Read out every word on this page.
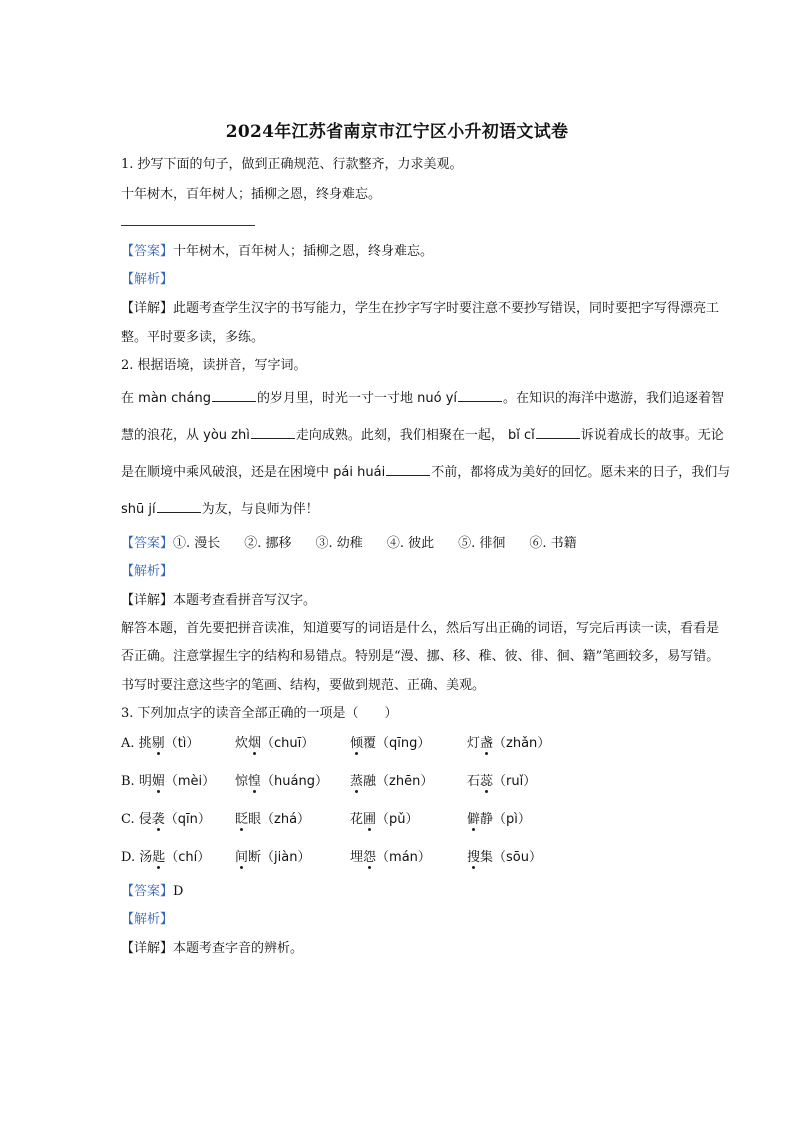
2024年江苏省南京市江宁区小升初语文试卷
1. 抄写下面的句子，做到正确规范、行款整齐，力求美观。
十年树木，百年树人；插柳之恩，终身难忘。
【答案】十年树木，百年树人；插柳之恩，终身难忘。
【解析】
【详解】此题考查学生汉字的书写能力，学生在抄字写字时要注意不要抄写错误，同时要把字写得漂亮工
整。平时要多读，多练。
2. 根据语境，读拼音，写字词。
在 màn cháng	的岁月里，时光一寸一寸地 nuó yí	。在知识的海洋中遨游，我们追逐着智
慧的浪花，从 yòu zhì	走向成熟。此刻，我们相聚在一起， bǐ cǐ	诉说着成长的故事。无论
是在顺境中乘风破浪，还是在困境中 pái huái	不前，都将成为美好的回忆。愿未来的日子，我们与
shū jí	为友，与良师为伴！
【答案】①. 漫长 ②. 挪移 ③. 幼稚 ④. 彼此 ⑤. 徘徊 ⑥. 书籍
【解析】
【详解】本题考查看拼音写汉字。
解答本题，首先要把拼音读准，知道要写的词语是什么，然后写出正确的词语，写完后再读一读，看看是
否正确。注意掌握生字的结构和易错点。特别是“漫、挪、移、稚、彼、徘、徊、籍”笔画较多，易写错。
书写时要注意这些字的笔画、结构，要做到规范、正确、美观。
3. 下列加点字的读音全部正确的一项是（　　）
A. 挑剔（tì）	炊烟（chuī）	倾覆（qīng）	灯盏（zhǎn）
B. 明媚（mèi） 惊惶（huáng） 蒸融（zhēn）	石蕊（ruǐ）
C. 侵袭（qīn） 眨眼（zhá）	花圃（pǔ）	僻静（pì）
D. 汤匙（chí） 间断（jiàn）	埋怨（mán）	搜集（sōu）
【答案】D
【解析】
【详解】本题考查字音的辨析。
